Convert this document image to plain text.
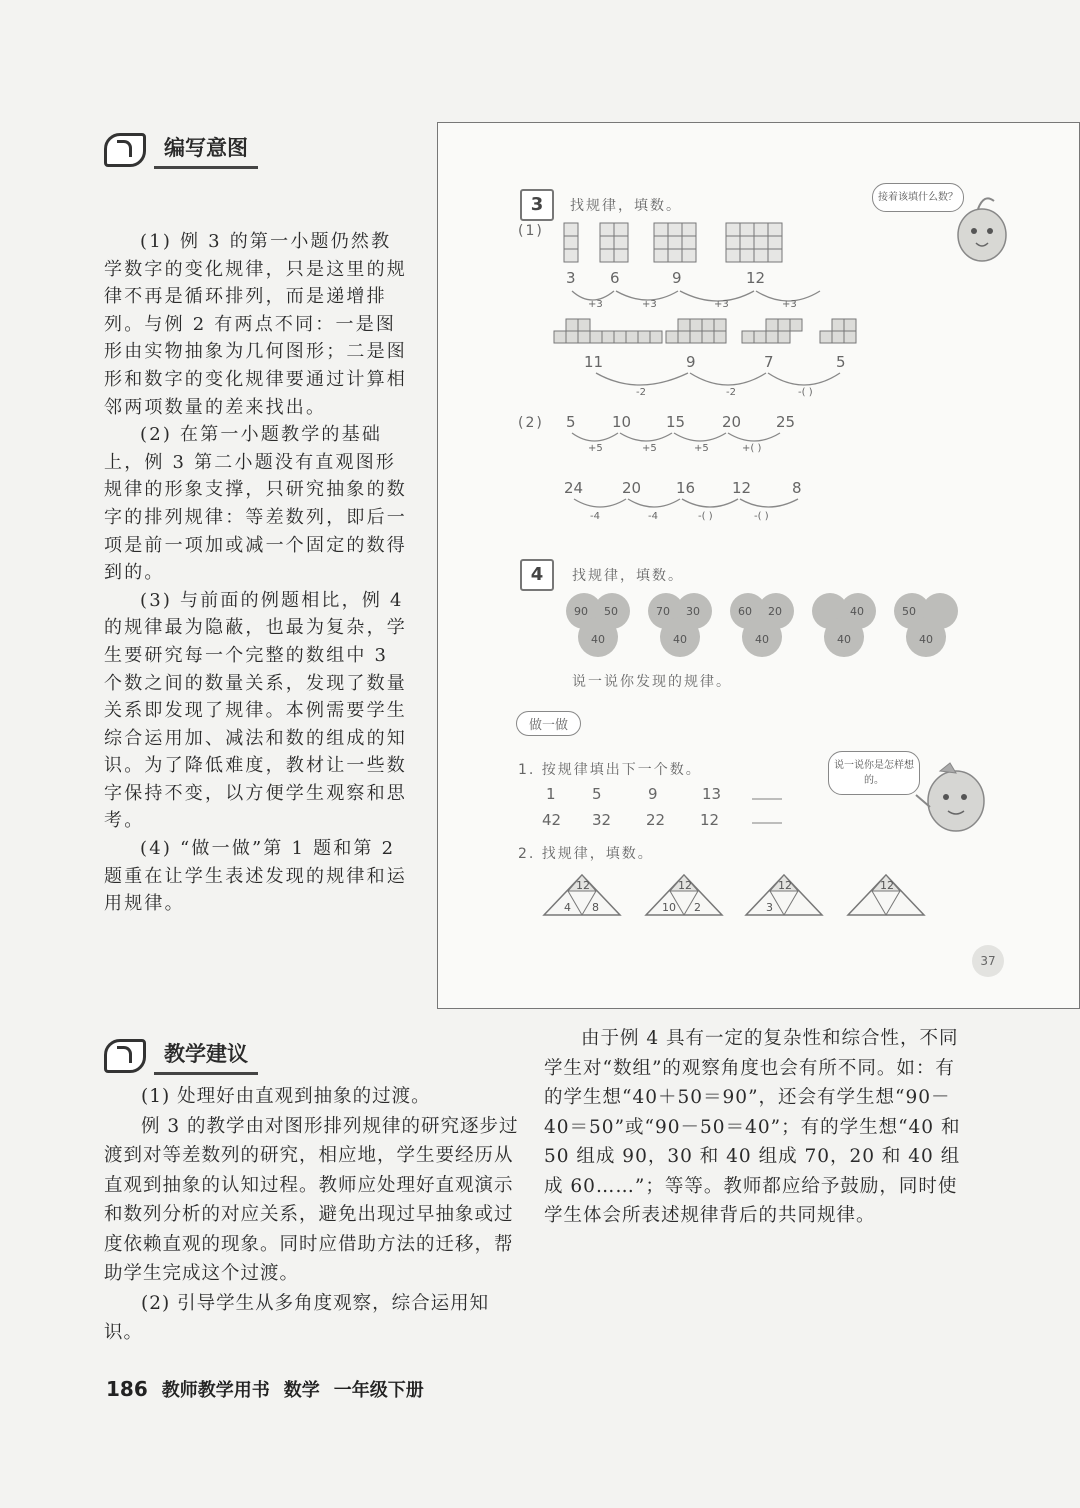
编写意图

(1) 例 3 的第一小题仍然教学数字的变化规律，只是这里的规律不再是循环排列，而是递增排列。与例 2 有两点不同：一是图形由实物抽象为几何图形；二是图形和数字的变化规律要通过计算相邻两项数量的差来找出。

(2) 在第一小题教学的基础上，例 3 第二小题没有直观图形规律的形象支撑，只研究抽象的数字的排列规律：等差数列，即后一项是前一项加或减一个固定的数得到的。

(3) 与前面的例题相比，例 4 的规律最为隐蔽，也最为复杂，学生要研究每一个完整的数组中 3 个数之间的数量关系，发现了数量关系即发现了规律。本例需要学生综合运用加、减法和数的组成的知识。为了降低难度，教材让一些数字保持不变，以方便学生观察和思考。

(4) “做一做”第 1 题和第 2 题重在让学生表述发现的规律和运用规律。

3	找规律，填数。
(1)
接着该填什么数？
3 6	9	12
+3	+3	+3	+3
11	9	7	5
-2	-2	-( )
(2) 5 10 15 20 25
+5	+5	+5	+( )
24	20 16 12	8
-4	-4	-( )	-( )
4	找规律，填数。
90 50
40
70 30
40
60 20
40
40
40
50
40
说一说你发现的规律。
做一做
1. 按规律填出下一个数。
1 5	9	13
42 32 22 12
说一说你是怎样想的。
2. 找规律，填数。
12
4 8
12
10 2
12
3
12
37
教学建议

(1) 处理好由直观到抽象的过渡。

例 3 的教学由对图形排列规律的研究逐步过渡到对等差数列的研究，相应地，学生要经历从直观到抽象的认知过程。教师应处理好直观演示和数列分析的对应关系，避免出现过早抽象或过度依赖直观的现象。同时应借助方法的迁移，帮助学生完成这个过渡。

(2) 引导学生从多角度观察，综合运用知识。

由于例 4 具有一定的复杂性和综合性，不同学生对“数组”的观察角度也会有所不同。如：有的学生想“40＋50＝90”，还会有学生想“90－40＝50”或“90－50＝40”；有的学生想“40 和 50 组成 90，30 和 40 组成 70，20 和 40 组成 60……”；等等。教师都应给予鼓励，同时使学生体会所表述规律背后的共同规律。

186 教师教学用书 数学 一年级下册
